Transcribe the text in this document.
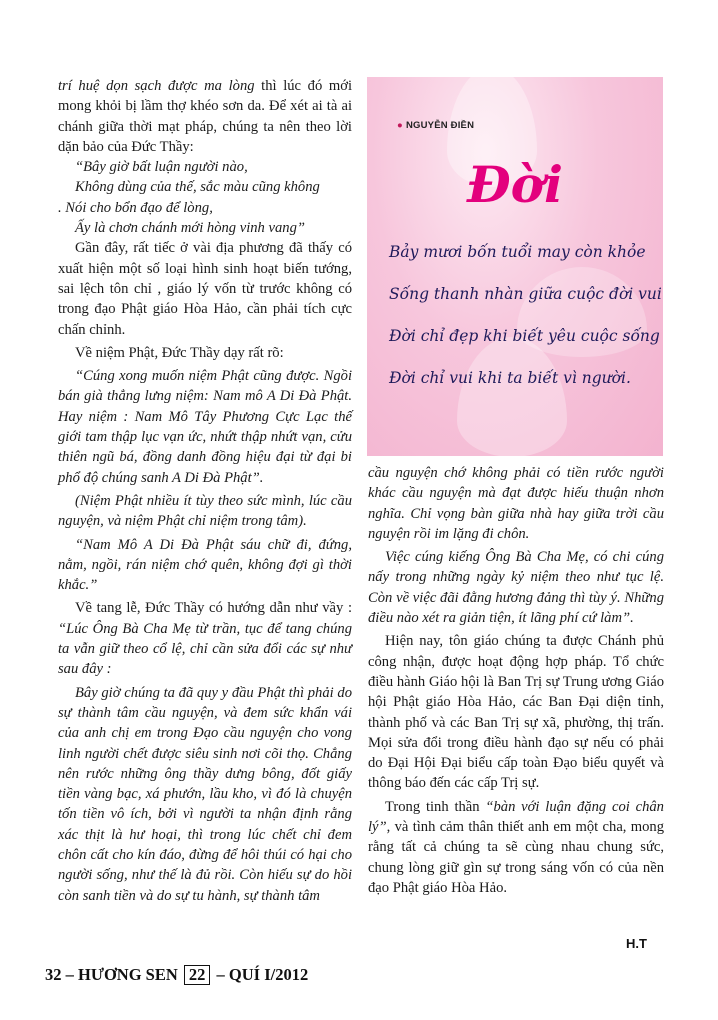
trí huệ dọn sạch được ma lòng thì lúc đó mới mong khỏi bị lầm thợ khéo sơn da. Để xét ai tà ai chánh giữa thời mạt pháp, chúng ta nên theo lời dặn bảo của Đức Thầy:

“Bây giờ bất luận người nào,

Không dùng của thế, sắc màu cũng không

. Nói cho bổn đạo để lòng,

Ấy là chơn chánh mới hòng vinh vang”

Gần đây, rất tiếc ở vài địa phương đã thấy có xuất hiện một số loại hình sinh hoạt biến tướng, sai lệch tôn chỉ , giáo lý vốn từ trước không có trong đạo Phật giáo Hòa Hảo, cần phải tích cực chấn chỉnh.

Về niệm Phật, Đức Thầy dạy rất rõ:

“Cúng xong muốn niệm Phật cũng được. Ngồi bán già thẳng lưng niệm: Nam mô A Di Đà Phật. Hay niệm : Nam Mô Tây Phương Cực Lạc thế giới tam thập lục vạn ức, nhứt thập nhứt vạn, cửu thiên ngũ bá, đồng danh đồng hiệu đại từ đại bi phổ độ chúng sanh A Di Đà Phật”.

(Niệm Phật nhiều ít tùy theo sức mình, lúc cầu nguyện, và niệm Phật chỉ niệm trong tâm).

“Nam Mô A Di Đà Phật sáu chữ đi, đứng, nằm, ngồi, rán niệm chớ quên, không đợi gì thời khắc.”

Về tang lễ, Đức Thầy có hướng dẫn như vầy : “Lúc Ông Bà Cha Mẹ từ trần, tục để tang chúng ta vẫn giữ theo cổ lệ, chỉ cần sửa đổi các sự như sau đây :

Bây giờ chúng ta đã quy y đầu Phật thì phải do sự thành tâm cầu nguyện, và đem sức khẩn vái của anh chị em trong Đạo cầu nguyện cho vong linh người chết được siêu sinh nơi cõi thọ. Chẳng nên rước những ông thầy dưng bông, đốt giấy tiền vàng bạc, xá phướn, lầu kho, vì đó là chuyện tốn tiền vô ích, bởi vì người ta nhận định rằng xác thịt là hư hoại, thì trong lúc chết chỉ đem chôn cất cho kín đáo, đừng để hôi thúi có hại cho người sống, như thế là đủ rồi. Còn hiếu sự do hồi còn sanh tiền và do sự tu hành, sự thành tâm

● NGUYỄN ĐIỀN
Đời
Bảy mươi bốn tuổi may còn khỏe
Sống thanh nhàn giữa cuộc đời vui
Đời chỉ đẹp khi biết yêu cuộc sống
Đời chỉ vui khi ta biết vì người.

cầu nguyện chớ không phải có tiền rước người khác cầu nguyện mà đạt được hiếu thuận nhơn nghĩa. Chỉ vọng bàn giữa nhà hay giữa trời cầu nguyện rồi im lặng đi chôn.

Việc cúng kiếng Ông Bà Cha Mẹ, có chi cúng nấy trong những ngày kỷ niệm theo như tục lệ. Còn về việc đãi đằng hương đảng thì tùy ý. Những điều nào xét ra giản tiện, ít lãng phí cứ làm”.

Hiện nay, tôn giáo chúng ta được Chánh phủ công nhận, được hoạt động hợp pháp. Tổ chức điều hành Giáo hội là Ban Trị sự Trung ương Giáo hội Phật giáo Hòa Hảo, các Ban Đại diện tỉnh, thành phố và các Ban Trị sự xã, phường, thị trấn. Mọi sửa đổi trong điều hành đạo sự nếu có phải do Đại Hội Đại biểu cấp toàn Đạo biểu quyết và thông báo đến các cấp Trị sự.

Trong tinh thần “bàn với luận đặng coi chân lý”, và tình cảm thân thiết anh em một cha, mong rằng tất cả chúng ta sẽ cùng nhau chung sức, chung lòng giữ gìn sự trong sáng vốn có của nền đạo Phật giáo Hòa Hảo.

H.T
32 – HƯƠNG SEN 22 – QUÍ I/2012
